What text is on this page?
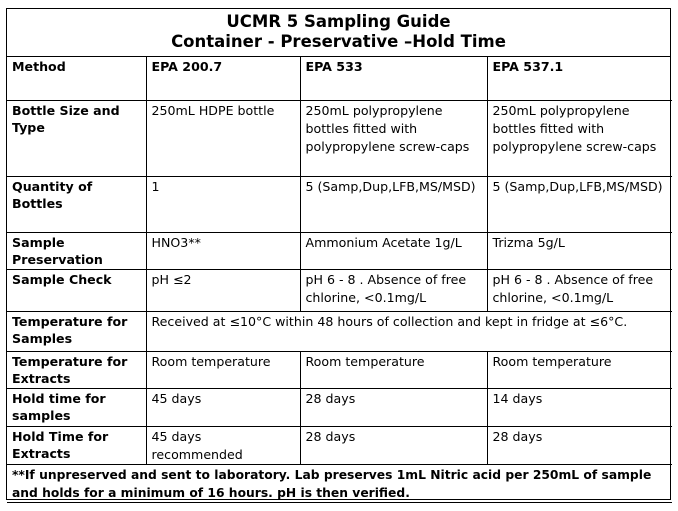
UCMR 5 Sampling Guide
Container - Preservative –Hold Time
Method	EPA 200.7	EPA 533	EPA 537.1
Bottle Size and Type	250mL HDPE bottle	250mL polypropylene bottles fitted with polypropylene screw-caps	250mL polypropylene bottles fitted with polypropylene screw-caps
Quantity of Bottles	1	5 (Samp,Dup,LFB,MS/MSD)	5 (Samp,Dup,LFB,MS/MSD)
Sample Preservation	HNO3**	Ammonium Acetate 1g/L	Trizma 5g/L
Sample Check	pH ≤2	pH 6 - 8 . Absence of free chlorine, <0.1mg/L	pH 6 - 8 . Absence of free chlorine, <0.1mg/L
Temperature for Samples	Received at ≤10°C within 48 hours of collection and kept in fridge at ≤6°C.		
Temperature for Extracts	Room temperature	Room temperature	Room temperature
Hold time for samples	45 days	28 days	14 days
Hold Time for Extracts	45 days recommended	28 days	28 days
**If unpreserved and sent to laboratory. Lab preserves 1mL Nitric acid per 250mL of sample and holds for a minimum of 16 hours. pH is then verified.			
